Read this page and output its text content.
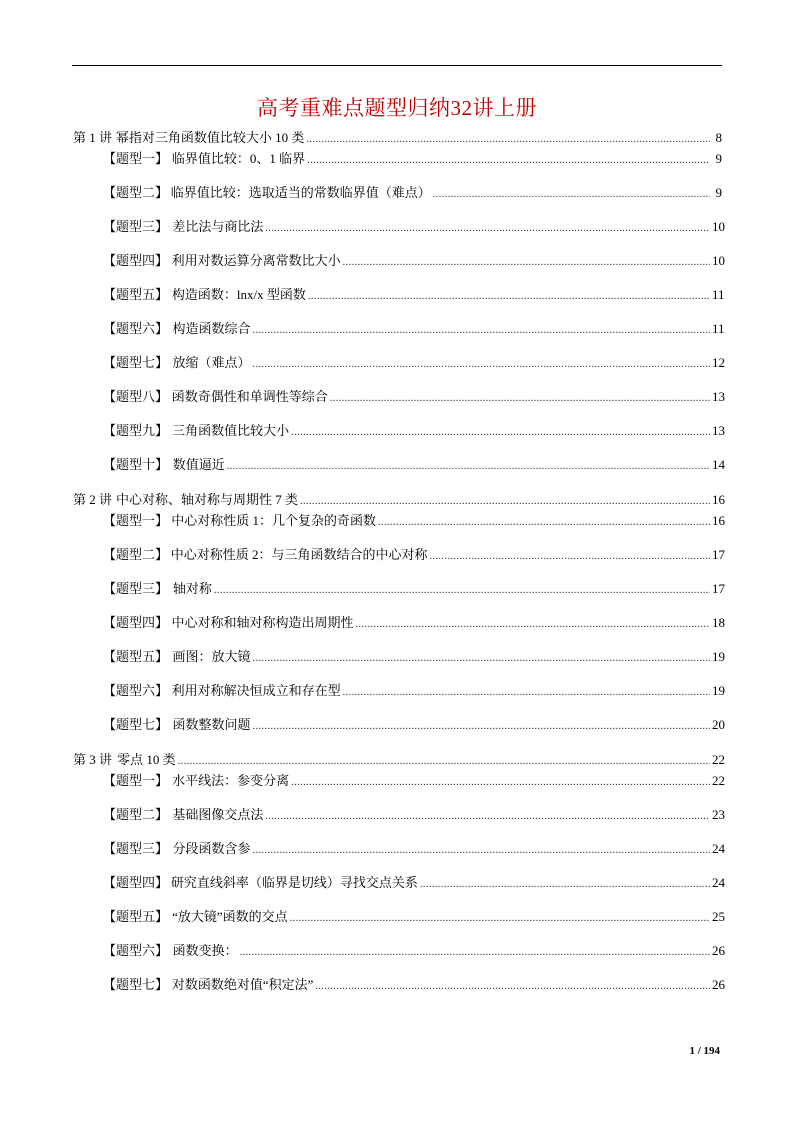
.
高考重难点题型归纳32讲上册
第 1 讲 幂指对三角函数值比较大小 10 类 .....	8
【题型一】 临界值比较：0、1 临界 .....	9
【题型二】 临界值比较：选取适当的常数临界值（难点） .....	9
【题型三】 差比法与商比法 .....	10
【题型四】 利用对数运算分离常数比大小 .....	10
【题型五】 构造函数：lnx/x 型函数 .....	11
【题型六】 构造函数综合 .....	11
【题型七】 放缩（难点） .....	12
【题型八】 函数奇偶性和单调性等综合 .....	13
【题型九】 三角函数值比较大小 .....	13
【题型十】 数值逼近 .....	14
第 2 讲 中心对称、轴对称与周期性 7 类 .....	16
【题型一】 中心对称性质 1：几个复杂的奇函数 .....	16
【题型二】 中心对称性质 2：与三角函数结合的中心对称 .....	17
【题型三】 轴对称 .....	17
【题型四】 中心对称和轴对称构造出周期性 .....	18
【题型五】 画图：放大镜 .....	19
【题型六】 利用对称解决恒成立和存在型 .....	19
【题型七】 函数整数问题 .....	20
第 3 讲 零点 10 类 .....	22
【题型一】 水平线法：参变分离 .....	22
【题型二】 基础图像交点法 .....	23
【题型三】 分段函数含参 .....	24
【题型四】 研究直线斜率（临界是切线）寻找交点关系 .....	24
【题型五】 “放大镜”函数的交点 .....	25
【题型六】 函数变换： .....	26
【题型七】 对数函数绝对值“积定法” .....	26
1 / 194
